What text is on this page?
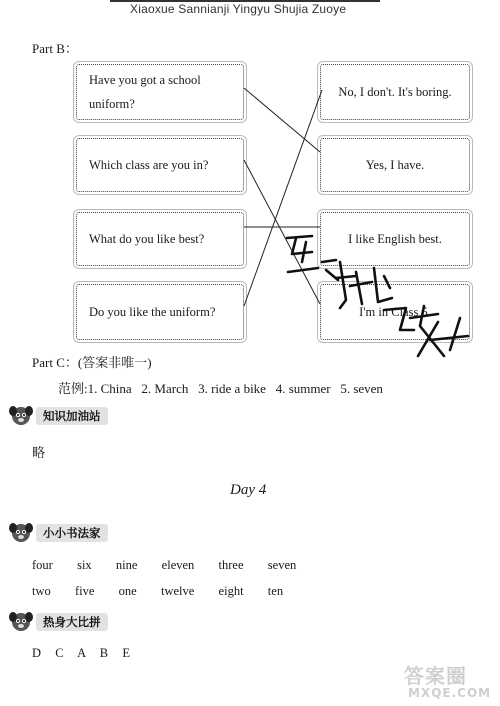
Xiaoxue Sannianji Yingyu Shujia Zuoye
Part B：
Have you got a school
uniform?
Which class are you in?
What do you like best?
Do you like the uniform?
No, I don't. It's boring.
Yes, I have.
I like English best.
I'm in Class 5.
Part C：(答案非唯一)
范例:1. China   2. March   3. ride a bike   4. summer   5. seven
知识加油站
略
Day 4
小小书法家
four  six  nine  eleven  three  seven
two  five  one  twelve  eight  ten
热身大比拼
D  C  A  B  E
答案圈
MXQE.COM
